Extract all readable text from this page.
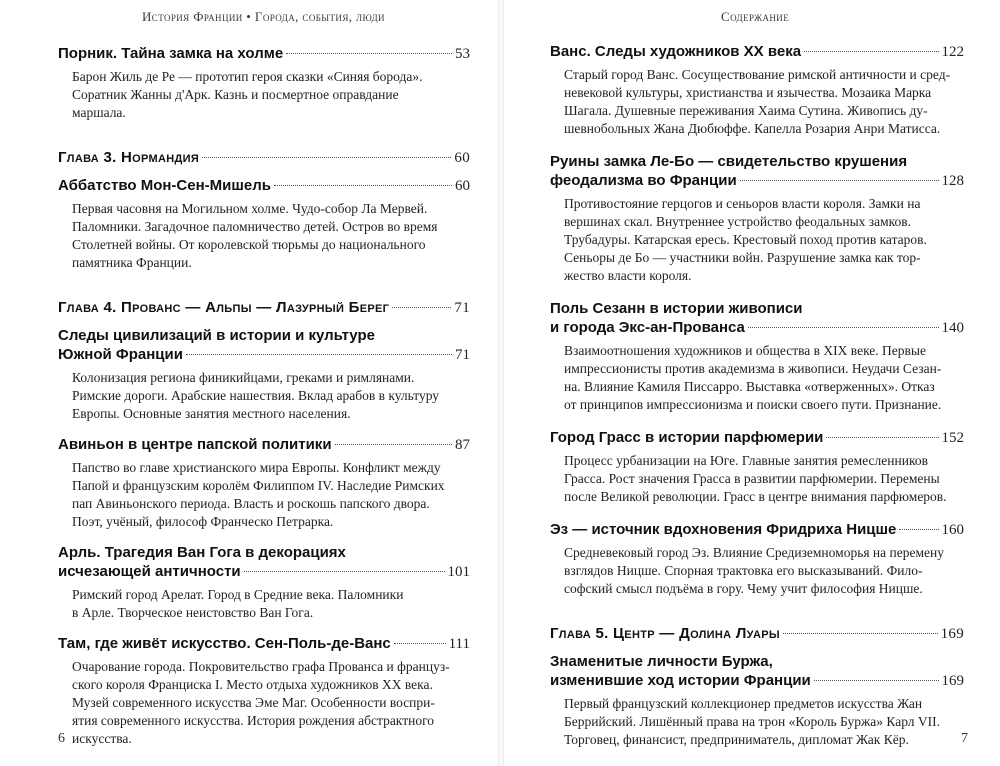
История Франции • Города, события, люди
Порник. Тайна замка на холме	53
Барон Жиль де Ре — прототип героя сказки «Синяя борода».
Соратник Жанны д'Арк. Казнь и посмертное оправдание
маршала.
Глава 3. Нормандия	60
Аббатство Мон-Сен-Мишель	60
Первая часовня на Могильном холме. Чудо-собор Ла Мервей.
Паломники. Загадочное паломничество детей. Остров во время
Столетней войны. От королевской тюрьмы до национального
памятника Франции.
Глава 4. Прованс — Альпы — Лазурный Берег	71
Следы цивилизаций в истории и культуре
Южной Франции	71
Колонизация региона финикийцами, греками и римлянами.
Римские дороги. Арабские нашествия. Вклад арабов в культуру
Европы. Основные занятия местного населения.
Авиньон в центре папской политики	87
Папство во главе христианского мира Европы. Конфликт между
Папой и французским королём Филиппом IV. Наследие Римских
пап Авиньонского периода. Власть и роскошь папского двора.
Поэт, учёный, философ Франческо Петрарка.
Арль. Трагедия Ван Гога в декорациях
исчезающей античности	101
Римский город Арелат. Город в Средние века. Паломники
в Арле. Творческое неистовство Ван Гога.
Там, где живёт искусство. Сен-Поль-де-Ванс	111
Очарование города. Покровительство графа Прованса и француз-
ского короля Франциска I. Место отдыха художников XX века.
Музей современного искусства Эме Маг. Особенности воспри-
ятия современного искусства. История рождения абстрактного
искусства.
6
Содержание
Ванс. Следы художников XX века	122
Старый город Ванс. Сосуществование римской античности и сред-
невековой культуры, христианства и язычества. Мозаика Марка
Шагала. Душевные переживания Хаима Сутина. Живопись ду-
шевнобольных Жана Дюбюффе. Капелла Розария Анри Матисса.
Руины замка Ле-Бо — свидетельство крушения
феодализма во Франции	128
Противостояние герцогов и сеньоров власти короля. Замки на
вершинах скал. Внутреннее устройство феодальных замков.
Трубадуры. Катарская ересь. Крестовый поход против катаров.
Сеньоры де Бо — участники войн. Разрушение замка как тор-
жество власти короля.
Поль Сезанн в истории живописи
и города Экс-ан-Прованса	140
Взаимоотношения художников и общества в XIX веке. Первые
импрессионисты против академизма в живописи. Неудачи Сезан-
на. Влияние Камиля Писсарро. Выставка «отверженных». Отказ
от принципов импрессионизма и поиски своего пути. Признание.
Город Грасс в истории парфюмерии	152
Процесс урбанизации на Юге. Главные занятия ремесленников
Грасса. Рост значения Грасса в развитии парфюмерии. Перемены
после Великой революции. Грасс в центре внимания парфюмеров.
Эз — источник вдохновения Фридриха Ницше	160
Средневековый город Эз. Влияние Средиземноморья на перемену
взглядов Ницше. Спорная трактовка его высказываний. Фило-
софский смысл подъёма в гору. Чему учит философия Ницше.
Глава 5. Центр — Долина Луары	169
Знаменитые личности Буржа,
изменившие ход истории Франции	169
Первый французский коллекционер предметов искусства Жан
Беррийский. Лишённый права на трон «Король Буржа» Карл VII.
Торговец, финансист, предприниматель, дипломат Жак Кёр.	7
